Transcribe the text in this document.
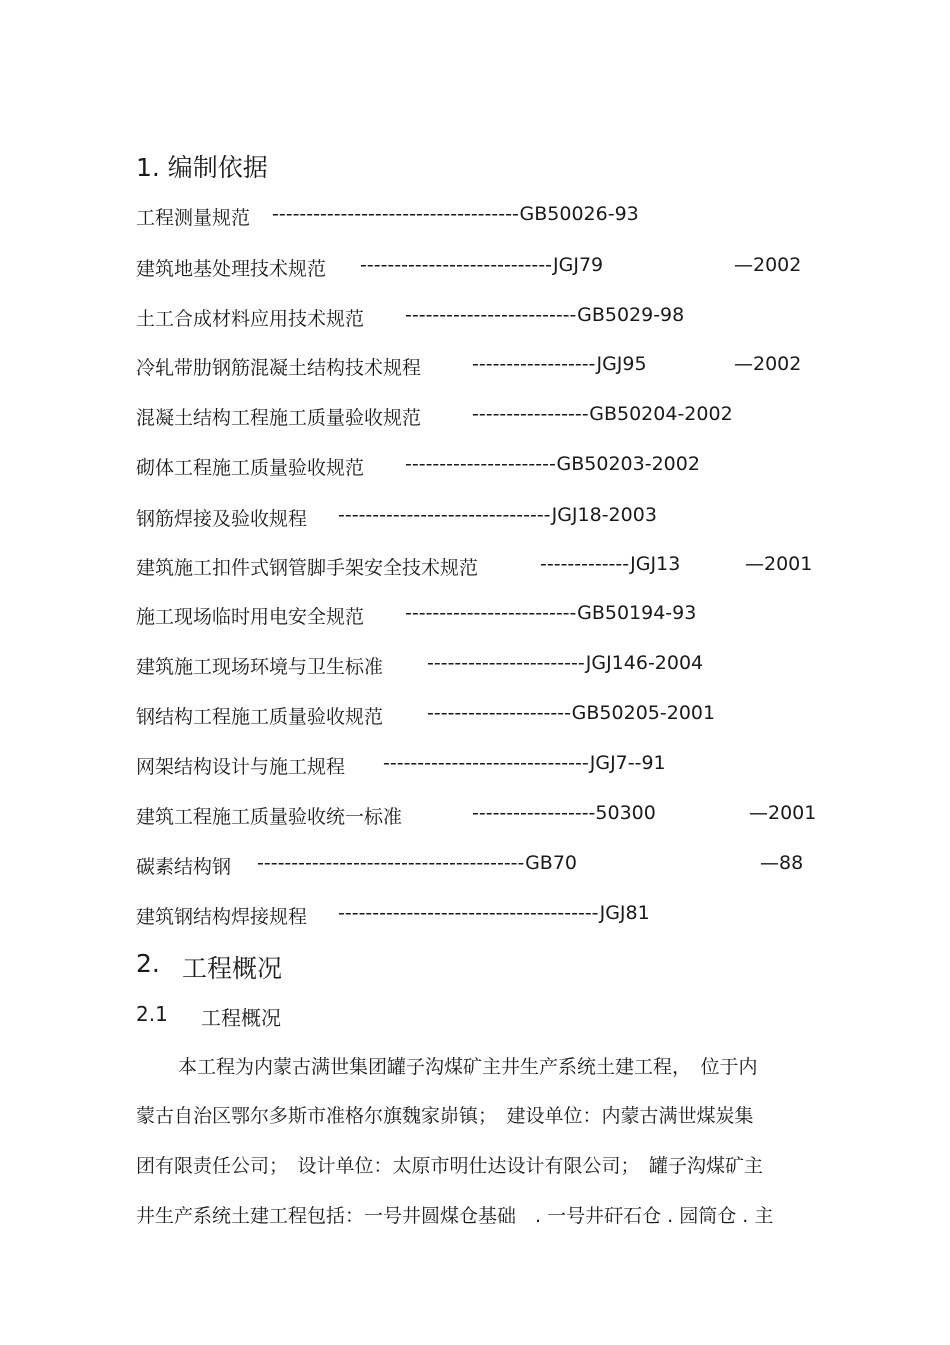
1. 编制依据
工程测量规范 ------------------------------------GB50026-93
建筑地基处理技术规范 ----------------------------JGJ79	—2002
土工合成材料应用技术规范 -------------------------GB5029-98
冷轧带肋钢筋混凝土结构技术规程	------------------JGJ95	—2002
混凝土结构工程施工质量验收规范	-----------------GB50204-2002
砌体工程施工质量验收规范 ----------------------GB50203-2002
钢筋焊接及验收规程 -------------------------------JGJ18-2003
建筑施工扣件式钢管脚手架安全技术规范	-------------JGJ13	—2001
施工现场临时用电安全规范 -------------------------GB50194-93
建筑施工现场环境与卫生标准 -----------------------JGJ146-2004
钢结构工程施工质量验收规范 ---------------------GB50205-2001
网架结构设计与施工规程 ------------------------------JGJ7--91
建筑工程施工质量验收统一标准	------------------50300	—2001
碳素结构钢 ---------------------------------------GB70	—88
建筑钢结构焊接规程 --------------------------------------JGJ81
2. 工程概况
2.1 工程概况
本工程为内蒙古满世集团罐子沟煤矿主井生产系统土建工程，　位于内
蒙古自治区鄂尔多斯市准格尔旗魏家峁镇；　建设单位：内蒙古满世煤炭集
团有限责任公司；　设计单位：太原市明仕达设计有限公司；　罐子沟煤矿主
井生产系统土建工程包括：一号井圆煤仓基础　. 一号井矸石仓 . 园筒仓 . 主
